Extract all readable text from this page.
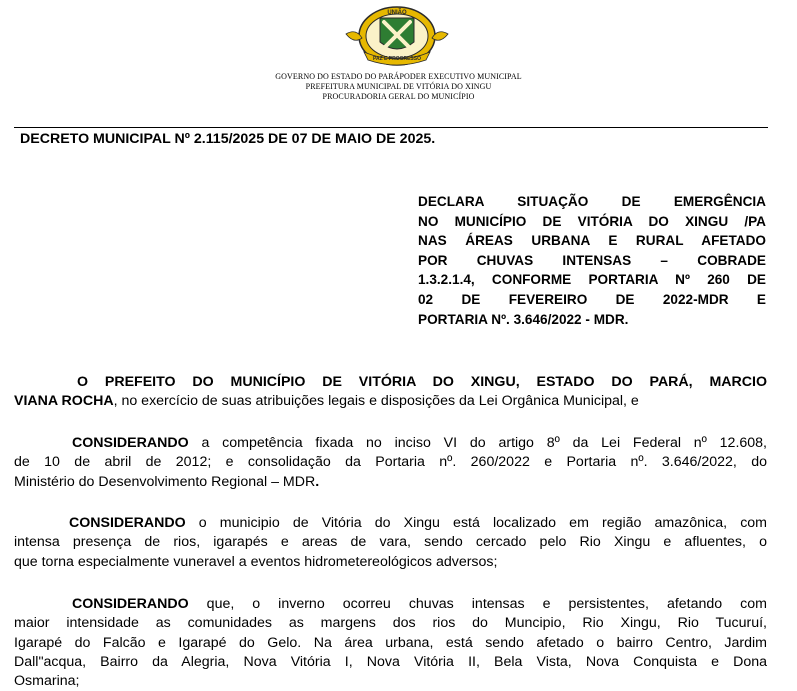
UNIÃO
PAZ E PROGRESSO
GOVERNO DO ESTADO DO PARÁPODER EXECUTIVO MUNICIPAL
PREFEITURA MUNICIPAL DE VITÓRIA DO XINGU
PROCURADORIA GERAL DO MUNICÍPIO
DECRETO MUNICIPAL Nº 2.115/2025 DE 07 DE MAIO DE 2025.
DECLARA SITUAÇÃO DE EMERGÊNCIA
NO MUNICÍPIO DE VITÓRIA DO XINGU /PA
NAS ÁREAS URBANA E RURAL AFETADO
POR CHUVAS INTENSAS – COBRADE
1.3.2.1.4, CONFORME PORTARIA Nº 260 DE
02 DE FEVEREIRO DE 2022-MDR E
PORTARIA Nº. 3.646/2022 - MDR.
O PREFEITO DO MUNICÍPIO DE VITÓRIA DO XINGU, ESTADO DO PARÁ, MARCIO
VIANA ROCHA, no exercício de suas atribuições legais e disposições da Lei Orgânica Municipal, e
CONSIDERANDO a competência fixada no inciso VI do artigo 8º da Lei Federal nº 12.608,
de 10 de abril de 2012; e consolidação da Portaria nº. 260/2022 e Portaria nº. 3.646/2022, do
Ministério do Desenvolvimento Regional – MDR.
CONSIDERANDO o municipio de Vitória do Xingu está localizado em região amazônica, com
intensa presença de rios, igarapés e areas de vara, sendo cercado pelo Rio Xingu e afluentes, o
que torna especialmente vuneravel a eventos hidrometereológicos adversos;
CONSIDERANDO que, o inverno ocorreu chuvas intensas e persistentes, afetando com
maior intensidade as comunidades as margens dos rios do Muncipio, Rio Xingu, Rio Tucuruí,
Igarapé do Falcão e Igarapé do Gelo. Na área urbana, está sendo afetado o bairro Centro, Jardim
Dall"acqua, Bairro da Alegria, Nova Vitória I, Nova Vitória II, Bela Vista, Nova Conquista e Dona
Osmarina;
